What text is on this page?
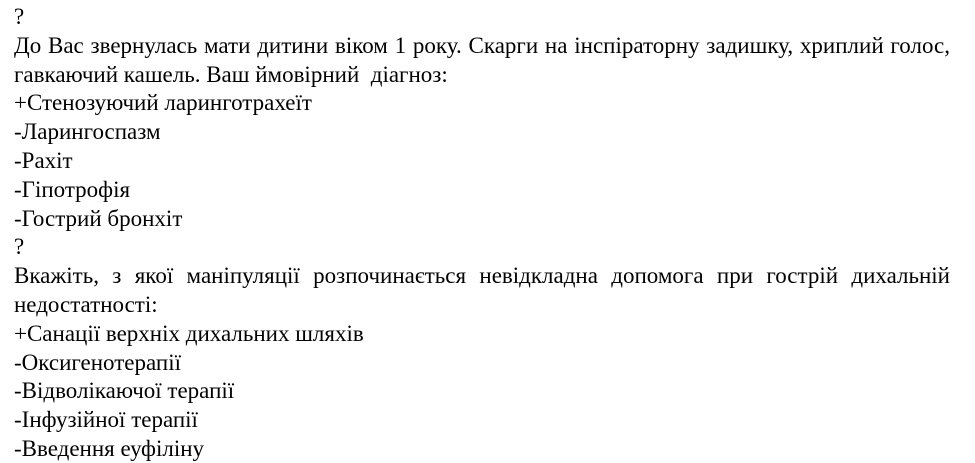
?
До Вас звернулась мати дитини віком 1 року. Скарги на інспіраторну задишку, хриплий голос, гавкаючий кашель. Ваш ймовірний  діагноз:
+Стенозуючий ларинготрахеїт
-Ларингоспазм
-Рахіт
-Гіпотрофія
-Гострий бронхіт
?
Вкажіть, з якої маніпуляції розпочинається невідкладна допомога при гострій дихальній недостатності:
+Санації верхніх дихальних шляхів
-Оксигенотерапії
-Відволікаючої терапії
-Інфузійної терапії
-Введення еуфіліну
